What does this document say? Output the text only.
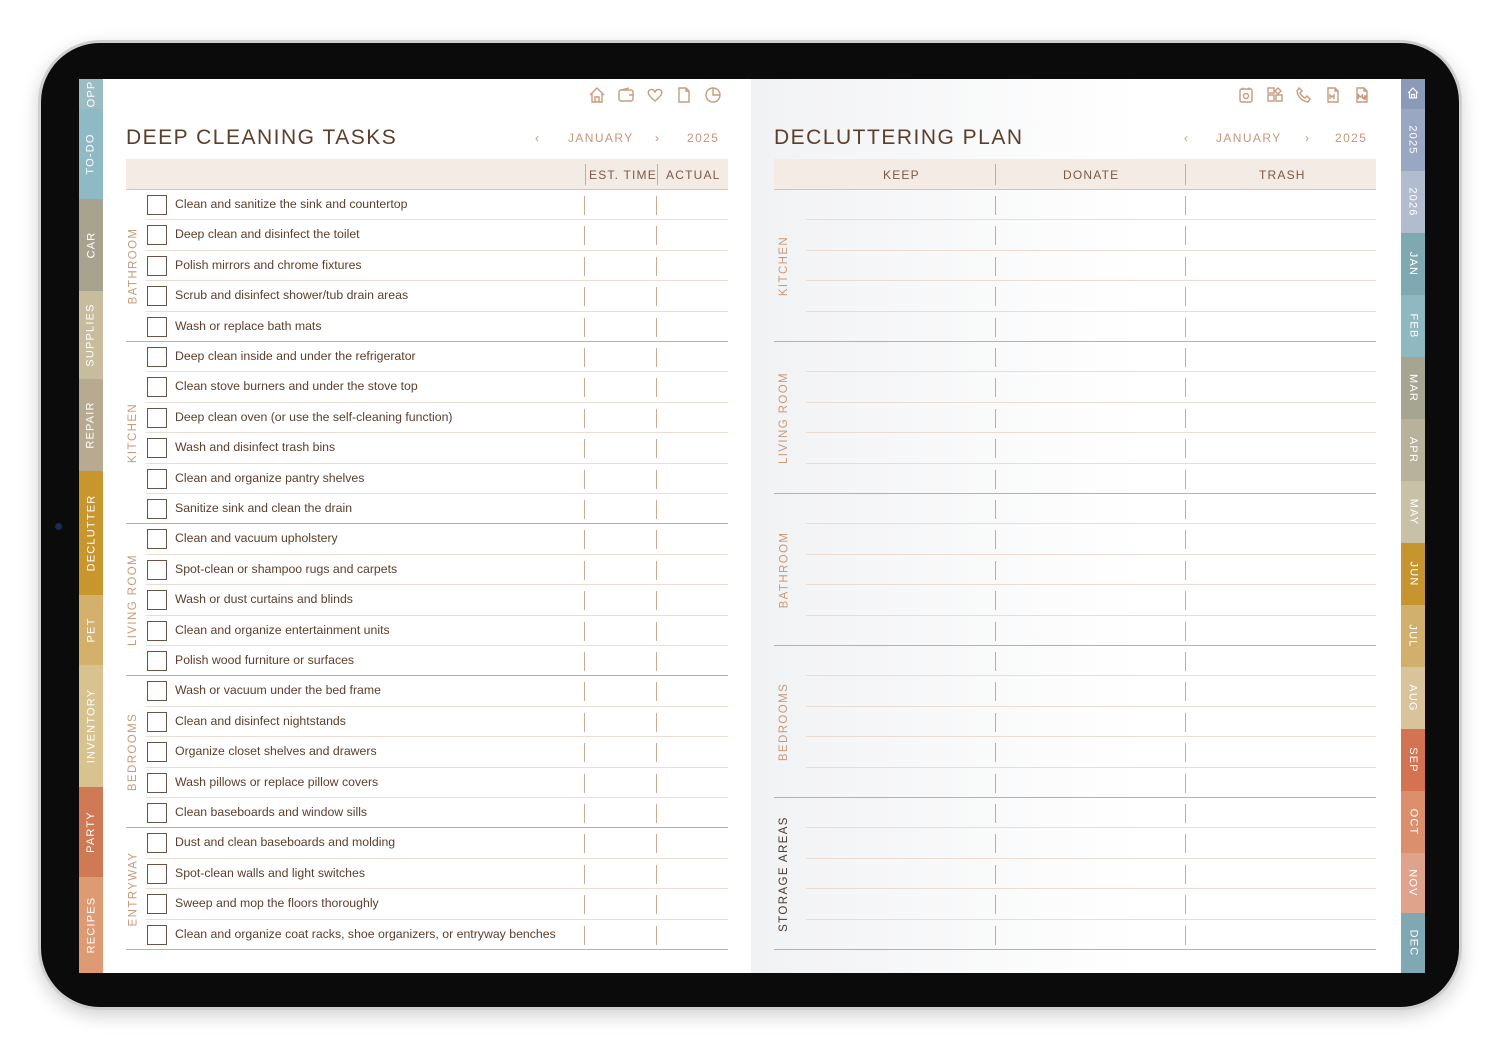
OPP
TO-DO
CAR
SUPPLIES
REPAIR
DECLUTTER
PET
INVENTORY
PARTY
RECIPES
2025
2026
JAN
FEB
MAR
APR
MAY
JUN
JUL
AUG
SEP
OCT
NOV
DEC
DEEP CLEANING TASKS	‹ JANUARY › 2025
EST. TIME ACTUAL
Clean and sanitize the sink and countertop
Deep clean and disinfect the toilet
Polish mirrors and chrome fixtures
Scrub and disinfect shower/tub drain areas
Wash or replace bath mats
BATHROOM
Deep clean inside and under the refrigerator
Clean stove burners and under the stove top
Deep clean oven (or use the self-cleaning function)
Wash and disinfect trash bins
Clean and organize pantry shelves
Sanitize sink and clean the drain
KITCHEN
Clean and vacuum upholstery
Spot-clean or shampoo rugs and carpets
Wash or dust curtains and blinds
Clean and organize entertainment units
Polish wood furniture or surfaces
LIVING ROOM
Wash or vacuum under the bed frame
Clean and disinfect nightstands
Organize closet shelves and drawers
Wash pillows or replace pillow covers
Clean baseboards and window sills
BEDROOMS
Dust and clean baseboards and molding
Spot-clean walls and light switches
Sweep and mop the floors thoroughly
Clean and organize coat racks, shoe organizers, or entryway benches
ENTRYWAY
DECLUTTERING PLAN	‹ JANUARY › 2025
KEEP	DONATE	TRASH
KITCHEN
LIVING ROOM
BATHROOM
BEDROOMS
STORAGE AREAS
